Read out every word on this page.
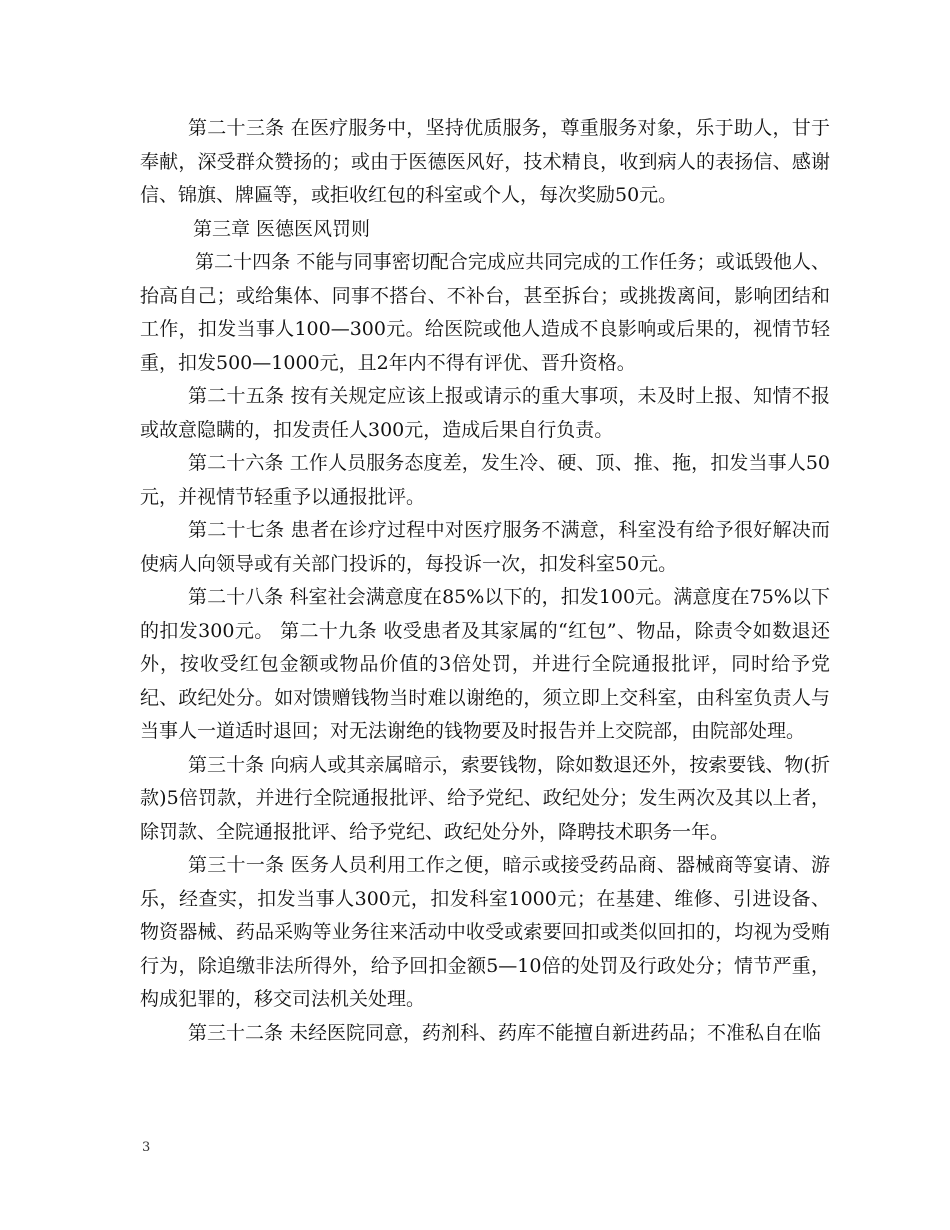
第二十三条 在医疗服务中，坚持优质服务，尊重服务对象，乐于助人，甘于奉献，深受群众赞扬的；或由于医德医风好，技术精良，收到病人的表扬信、感谢信、锦旗、牌匾等，或拒收红包的科室或个人，每次奖励50元。

第三章 医德医风罚则

第二十四条 不能与同事密切配合完成应共同完成的工作任务；或诋毁他人、抬高自己；或给集体、同事不搭台、不补台，甚至拆台；或挑拨离间，影响团结和工作，扣发当事人100—300元。给医院或他人造成不良影响或后果的，视情节轻重，扣发500—1000元，且2年内不得有评优、晋升资格。

第二十五条 按有关规定应该上报或请示的重大事项，未及时上报、知情不报或故意隐瞒的，扣发责任人300元，造成后果自行负责。

第二十六条 工作人员服务态度差，发生冷、硬、顶、推、拖，扣发当事人50元，并视情节轻重予以通报批评。

第二十七条 患者在诊疗过程中对医疗服务不满意，科室没有给予很好解决而使病人向领导或有关部门投诉的，每投诉一次，扣发科室50元。

第二十八条 科室社会满意度在85%以下的，扣发100元。满意度在75%以下的扣发300元。 第二十九条 收受患者及其家属的“红包”、物品，除责令如数退还外，按收受红包金额或物品价值的3倍处罚，并进行全院通报批评，同时给予党纪、政纪处分。如对馈赠钱物当时难以谢绝的，须立即上交科室，由科室负责人与当事人一道适时退回；对无法谢绝的钱物要及时报告并上交院部，由院部处理。

第三十条 向病人或其亲属暗示，索要钱物，除如数退还外，按索要钱、物(折款)5倍罚款，并进行全院通报批评、给予党纪、政纪处分；发生两次及其以上者，除罚款、全院通报批评、给予党纪、政纪处分外，降聘技术职务一年。

第三十一条 医务人员利用工作之便，暗示或接受药品商、器械商等宴请、游乐，经查实，扣发当事人300元，扣发科室1000元；在基建、维修、引进设备、物资器械、药品采购等业务往来活动中收受或索要回扣或类似回扣的，均视为受贿行为，除追缴非法所得外，给予回扣金额5—10倍的处罚及行政处分；情节严重，构成犯罪的，移交司法机关处理。

第三十二条 未经医院同意，药剂科、药库不能擅自新进药品；不准私自在临

3
